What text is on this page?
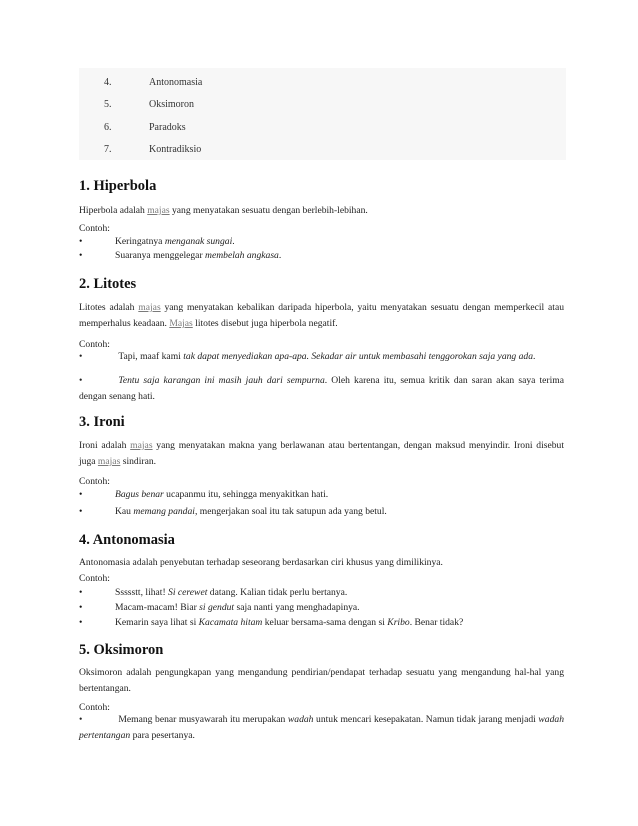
4.	Antonomasia
5.	Oksimoron
6.	Paradoks
7.	Kontradiksio
1. Hiperbola
Hiperbola adalah majas yang menyatakan sesuatu dengan berlebih-lebihan.
Contoh:
•	Keringatnya menganak sungai.
•	Suaranya menggelegar membelah angkasa.
2. Litotes

Litotes adalah majas yang menyatakan kebalikan daripada hiperbola, yaitu menyatakan sesuatu dengan memperkecil atau memperhalus keadaan. Majas litotes disebut juga hiperbola negatif.

Contoh:
•	Tapi, maaf kami tak dapat menyediakan apa-apa. Sekadar air untuk membasahi tenggorokan saja yang ada.
•	Tentu saja karangan ini masih jauh dari sempurna. Oleh karena itu, semua kritik dan saran akan saya terima dengan senang hati.
3. Ironi

Ironi adalah majas yang menyatakan makna yang berlawanan atau bertentangan, dengan maksud menyindir. Ironi disebut juga majas sindiran.

Contoh:
•	Bagus benar ucapanmu itu, sehingga menyakitkan hati.
•	Kau memang pandai, mengerjakan soal itu tak satupun ada yang betul.
4. Antonomasia
Antonomasia adalah penyebutan terhadap seseorang berdasarkan ciri khusus yang dimilikinya.
Contoh:
•	Ssssstt, lihat! Si cerewet datang. Kalian tidak perlu bertanya.
•	Macam-macam! Biar si gendut saja nanti yang menghadapinya.
•	Kemarin saya lihat si Kacamata hitam keluar bersama-sama dengan si Kribo. Benar tidak?
5. Oksimoron

Oksimoron adalah pengungkapan yang mengandung pendirian/pendapat terhadap sesuatu yang mengandung hal-hal yang bertentangan.

Contoh:
•	Memang benar musyawarah itu merupakan wadah untuk mencari kesepakatan. Namun tidak jarang menjadi wadah pertentangan para pesertanya.
